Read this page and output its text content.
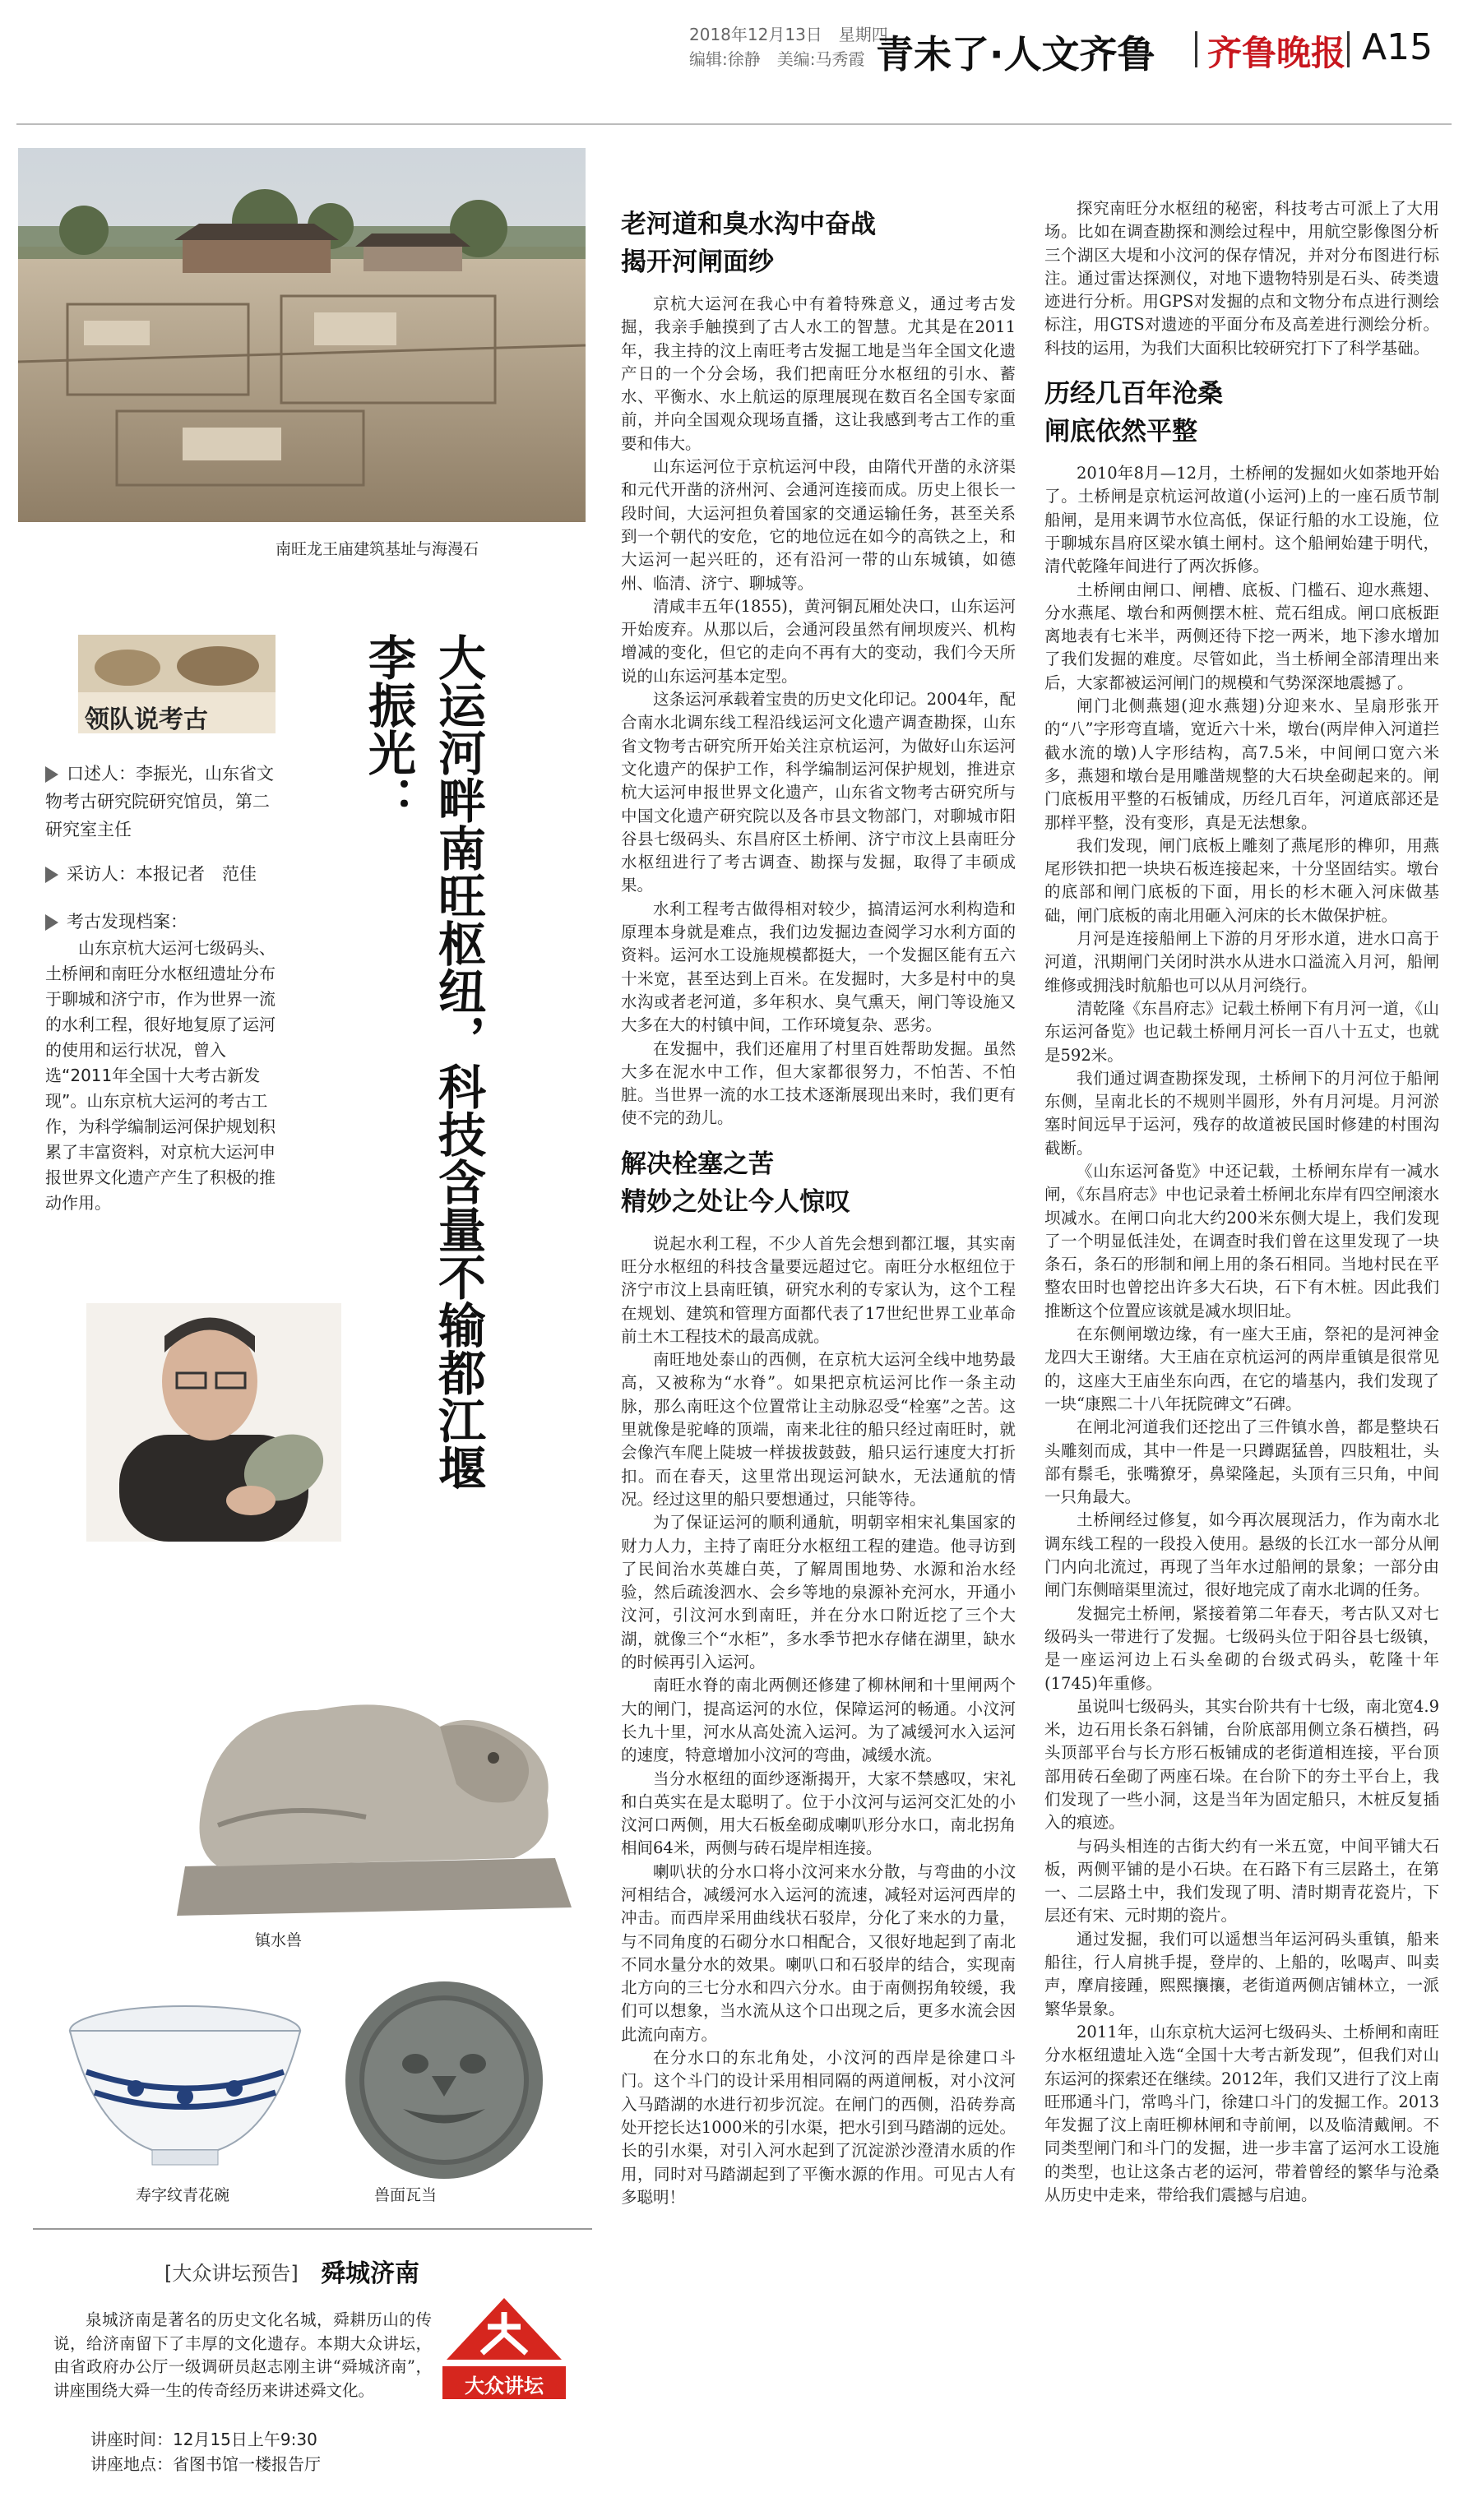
2018年12月13日　 星期四
编辑:徐静　美编:马秀霞 青未了·人文齐鲁 齐鲁晚报 A15
南旺龙王庙建筑基址与海漫石
领队说考古	大运河畔南旺枢纽，科技含量不输都江堰
李振光：
口述人：李振光，山东省文物考古研究院研究馆员，第二研究室主任
采访人：本报记者　范佳
考古发现档案：

山东京杭大运河七级码头、土桥闸和南旺分水枢纽遗址分布于聊城和济宁市，作为世界一流的水利工程，很好地复原了运河的使用和运行状况，曾入选“2011年全国十大考古新发现”。山东京杭大运河的考古工作，为科学编制运河保护规划积累了丰富资料，对京杭大运河申报世界文化遗产产生了积极的推动作用。
镇水兽
寿字纹青花碗	兽面瓦当
[大众讲坛预告] 舜城济南
泉城济南是著名的历史文化名城，舜耕历山的传说，给济南留下了丰厚的文化遗存。本期大众讲坛，由省政府办公厅一级调研员赵志刚主讲“舜城济南”，讲座围绕大舜一生的传奇经历来讲述舜文化。
讲座时间：12月15日上午9:30
讲座地点：省图书馆一楼报告厅
大众讲坛
老河道和臭水沟中奋战
揭开河闸面纱

京杭大运河在我心中有着特殊意义，通过考古发掘，我亲手触摸到了古人水工的智慧。尤其是在2011年，我主持的汶上南旺考古发掘工地是当年全国文化遗产日的一个分会场，我们把南旺分水枢纽的引水、蓄水、平衡水、水上航运的原理展现在数百名全国专家面前，并向全国观众现场直播，这让我感到考古工作的重要和伟大。

山东运河位于京杭运河中段，由隋代开凿的永济渠和元代开凿的济州河、会通河连接而成。历史上很长一段时间，大运河担负着国家的交通运输任务，甚至关系到一个朝代的安危，它的地位远在如今的高铁之上，和大运河一起兴旺的，还有沿河一带的山东城镇，如德州、临清、济宁、聊城等。

清咸丰五年(1855)，黄河铜瓦厢处决口，山东运河开始废弃。从那以后，会通河段虽然有闸坝废兴、机构增减的变化，但它的走向不再有大的变动，我们今天所说的山东运河基本定型。

这条运河承载着宝贵的历史文化印记。2004年，配合南水北调东线工程沿线运河文化遗产调查勘探，山东省文物考古研究所开始关注京杭运河，为做好山东运河文化遗产的保护工作，科学编制运河保护规划，推进京杭大运河申报世界文化遗产，山东省文物考古研究所与中国文化遗产研究院以及各市县文物部门，对聊城市阳谷县七级码头、东昌府区土桥闸、济宁市汶上县南旺分水枢纽进行了考古调查、勘探与发掘，取得了丰硕成果。

水利工程考古做得相对较少，搞清运河水利构造和原理本身就是难点，我们边发掘边查阅学习水利方面的资料。运河水工设施规模都挺大，一个发掘区能有五六十米宽，甚至达到上百米。在发掘时，大多是村中的臭水沟或者老河道，多年积水、臭气熏天，闸门等设施又大多在大的村镇中间，工作环境复杂、恶劣。

在发掘中，我们还雇用了村里百姓帮助发掘。虽然大多在泥水中工作，但大家都很努力，不怕苦、不怕脏。当世界一流的水工技术逐渐展现出来时，我们更有使不完的劲儿。

解决栓塞之苦
精妙之处让今人惊叹

说起水利工程，不少人首先会想到都江堰，其实南旺分水枢纽的科技含量要远超过它。南旺分水枢纽位于济宁市汶上县南旺镇，研究水利的专家认为，这个工程在规划、建筑和管理方面都代表了17世纪世界工业革命前土木工程技术的最高成就。

南旺地处泰山的西侧，在京杭大运河全线中地势最高，又被称为“水脊”。如果把京杭运河比作一条主动脉，那么南旺这个位置常让主动脉忍受“栓塞”之苦。这里就像是驼峰的顶端，南来北往的船只经过南旺时，就会像汽车爬上陡坡一样拔拔鼓鼓，船只运行速度大打折扣。而在春天，这里常出现运河缺水，无法通航的情况。经过这里的船只要想通过，只能等待。

为了保证运河的顺利通航，明朝宰相宋礼集国家的财力人力，主持了南旺分水枢纽工程的建造。他寻访到了民间治水英雄白英，了解周围地势、水源和治水经验，然后疏浚泗水、会乡等地的泉源补充河水，开通小汶河，引汶河水到南旺，并在分水口附近挖了三个大湖，就像三个“水柜”，多水季节把水存储在湖里，缺水的时候再引入运河。

南旺水脊的南北两侧还修建了柳林闸和十里闸两个大的闸门，提高运河的水位，保障运河的畅通。小汶河长九十里，河水从高处流入运河。为了减缓河水入运河的速度，特意增加小汶河的弯曲，减缓水流。

当分水枢纽的面纱逐渐揭开，大家不禁感叹，宋礼和白英实在是太聪明了。位于小汶河与运河交汇处的小汶河口两侧，用大石板垒砌成喇叭形分水口，南北拐角相间64米，两侧与砖石堤岸相连接。

喇叭状的分水口将小汶河来水分散，与弯曲的小汶河相结合，减缓河水入运河的流速，减轻对运河西岸的冲击。而西岸采用曲线状石驳岸，分化了来水的力量，与不同角度的石砌分水口相配合，又很好地起到了南北不同水量分水的效果。喇叭口和石驳岸的结合，实现南北方向的三七分水和四六分水。由于南侧拐角较缓，我们可以想象，当水流从这个口出现之后，更多水流会因此流向南方。

在分水口的东北角处，小汶河的西岸是徐建口斗门。这个斗门的设计采用相同隔的两道闸板，对小汶河入马踏湖的水进行初步沉淀。在闸门的西侧，沿砖券高处开挖长达1000米的引水渠，把水引到马踏湖的远处。长的引水渠，对引入河水起到了沉淀淤沙澄清水质的作用，同时对马踏湖起到了平衡水源的作用。可见古人有多聪明！

探究南旺分水枢纽的秘密，科技考古可派上了大用场。比如在调查勘探和测绘过程中，用航空影像图分析三个湖区大堤和小汶河的保存情况，并对分布图进行标注。通过雷达探测仪，对地下遗物特别是石头、砖类遗迹进行分析。用GPS对发掘的点和文物分布点进行测绘标注，用GTS对遗迹的平面分布及高差进行测绘分析。科技的运用，为我们大面积比较研究打下了科学基础。

历经几百年沧桑
闸底依然平整

2010年8月—12月，土桥闸的发掘如火如荼地开始了。土桥闸是京杭运河故道(小运河)上的一座石质节制船闸，是用来调节水位高低，保证行船的水工设施，位于聊城东昌府区梁水镇土闸村。这个船闸始建于明代，清代乾隆年间进行了两次拆修。

土桥闸由闸口、闸槽、底板、门槛石、迎水燕翅、分水燕尾、墩台和两侧摆木桩、荒石组成。闸口底板距离地表有七米半，两侧还待下挖一两米，地下渗水增加了我们发掘的难度。尽管如此，当土桥闸全部清理出来后，大家都被运河闸门的规模和气势深深地震撼了。

闸门北侧燕翅(迎水燕翅)分迎来水、呈扇形张开的“八”字形弯直墙，宽近六十米，墩台(两岸伸入河道拦截水流的墩)人字形结构，高7.5米，中间闸口宽六米多，燕翅和墩台是用雕凿规整的大石块垒砌起来的。闸门底板用平整的石板铺成，历经几百年，河道底部还是那样平整，没有变形，真是无法想象。

我们发现，闸门底板上雕刻了燕尾形的榫卯，用燕尾形铁扣把一块块石板连接起来，十分坚固结实。墩台的底部和闸门底板的下面，用长的杉木砸入河床做基础，闸门底板的南北用砸入河床的长木做保护桩。

月河是连接船闸上下游的月牙形水道，进水口高于河道，汛期闸门关闭时洪水从进水口溢流入月河，船闸维修或拥浅时航船也可以从月河绕行。

清乾隆《东昌府志》记载土桥闸下有月河一道，《山东运河备览》也记载土桥闸月河长一百八十五丈，也就是592米。

我们通过调查勘探发现，土桥闸下的月河位于船闸东侧，呈南北长的不规则半圆形，外有月河堤。月河淤塞时间远早于运河，残存的故道被民国时修建的村围沟截断。

《山东运河备览》中还记载，土桥闸东岸有一减水闸，《东昌府志》中也记录着土桥闸北东岸有四空闸滚水坝减水。在闸口向北大约200米东侧大堤上，我们发现了一个明显低洼处，在调查时我们曾在这里发现了一块条石，条石的形制和闸上用的条石相同。当地村民在平整农田时也曾挖出许多大石块，石下有木桩。因此我们推断这个位置应该就是减水坝旧址。

在东侧闸墩边缘，有一座大王庙，祭祀的是河神金龙四大王谢绪。大王庙在京杭运河的两岸重镇是很常见的，这座大王庙坐东向西，在它的墙基内，我们发现了一块“康熙二十八年抚院碑文”石碑。

在闸北河道我们还挖出了三件镇水兽，都是整块石头雕刻而成，其中一件是一只蹲踞猛兽，四肢粗壮，头部有鬃毛，张嘴獠牙，鼻梁隆起，头顶有三只角，中间一只角最大。

土桥闸经过修复，如今再次展现活力，作为南水北调东线工程的一段投入使用。悬级的长江水一部分从闸门内向北流过，再现了当年水过船闸的景象；一部分由闸门东侧暗渠里流过，很好地完成了南水北调的任务。

发掘完土桥闸，紧接着第二年春天，考古队又对七级码头一带进行了发掘。七级码头位于阳谷县七级镇，是一座运河边上石头垒砌的台级式码头，乾隆十年(1745)年重修。

虽说叫七级码头，其实台阶共有十七级，南北宽4.9米，边石用长条石斜铺，台阶底部用侧立条石横挡，码头顶部平台与长方形石板铺成的老街道相连接，平台顶部用砖石垒砌了两座石垛。在台阶下的夯土平台上，我们发现了一些小洞，这是当年为固定船只，木桩反复插入的痕迹。

与码头相连的古街大约有一米五宽，中间平铺大石板，两侧平铺的是小石块。在石路下有三层路土，在第一、二层路土中，我们发现了明、清时期青花瓷片，下层还有宋、元时期的瓷片。

通过发掘，我们可以遥想当年运河码头重镇，船来船往，行人肩挑手提，登岸的、上船的，吆喝声、叫卖声，摩肩接踵，熙熙攘攘，老街道两侧店铺林立，一派繁华景象。

2011年，山东京杭大运河七级码头、土桥闸和南旺分水枢纽遗址入选“全国十大考古新发现”，但我们对山东运河的探索还在继续。2012年，我们又进行了汶上南旺邢通斗门，常鸣斗门，徐建口斗门的发掘工作。2013年发掘了汶上南旺柳林闸和寺前闸，以及临清戴闸。不同类型闸门和斗门的发掘，进一步丰富了运河水工设施的类型，也让这条古老的运河，带着曾经的繁华与沧桑从历史中走来，带给我们震撼与启迪。
